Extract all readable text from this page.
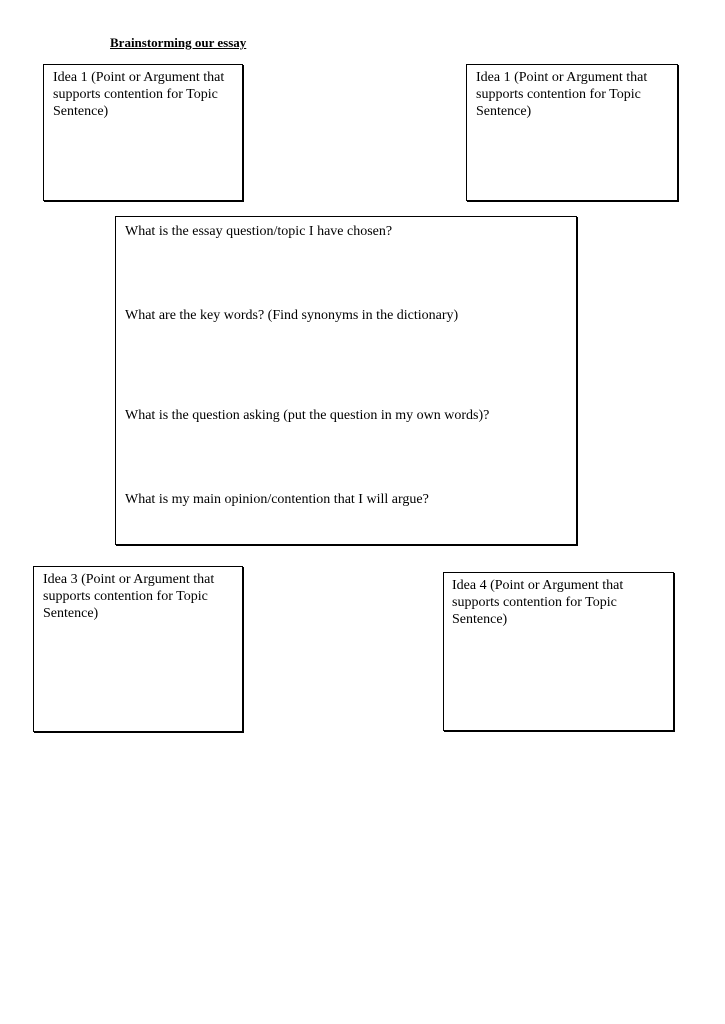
Brainstorming our essay
Idea 1 (Point or Argument that
supports contention for Topic
Sentence)
Idea 1 (Point or Argument that
supports contention for Topic
Sentence)
What is the essay question/topic I have chosen?
What are the key words? (Find synonyms in the dictionary)
What is the question asking (put the question in my own words)?
What is my main opinion/contention that I will argue?
Idea 3 (Point or Argument that
supports contention for Topic
Sentence)
Idea 4 (Point or Argument that
supports contention for Topic
Sentence)
